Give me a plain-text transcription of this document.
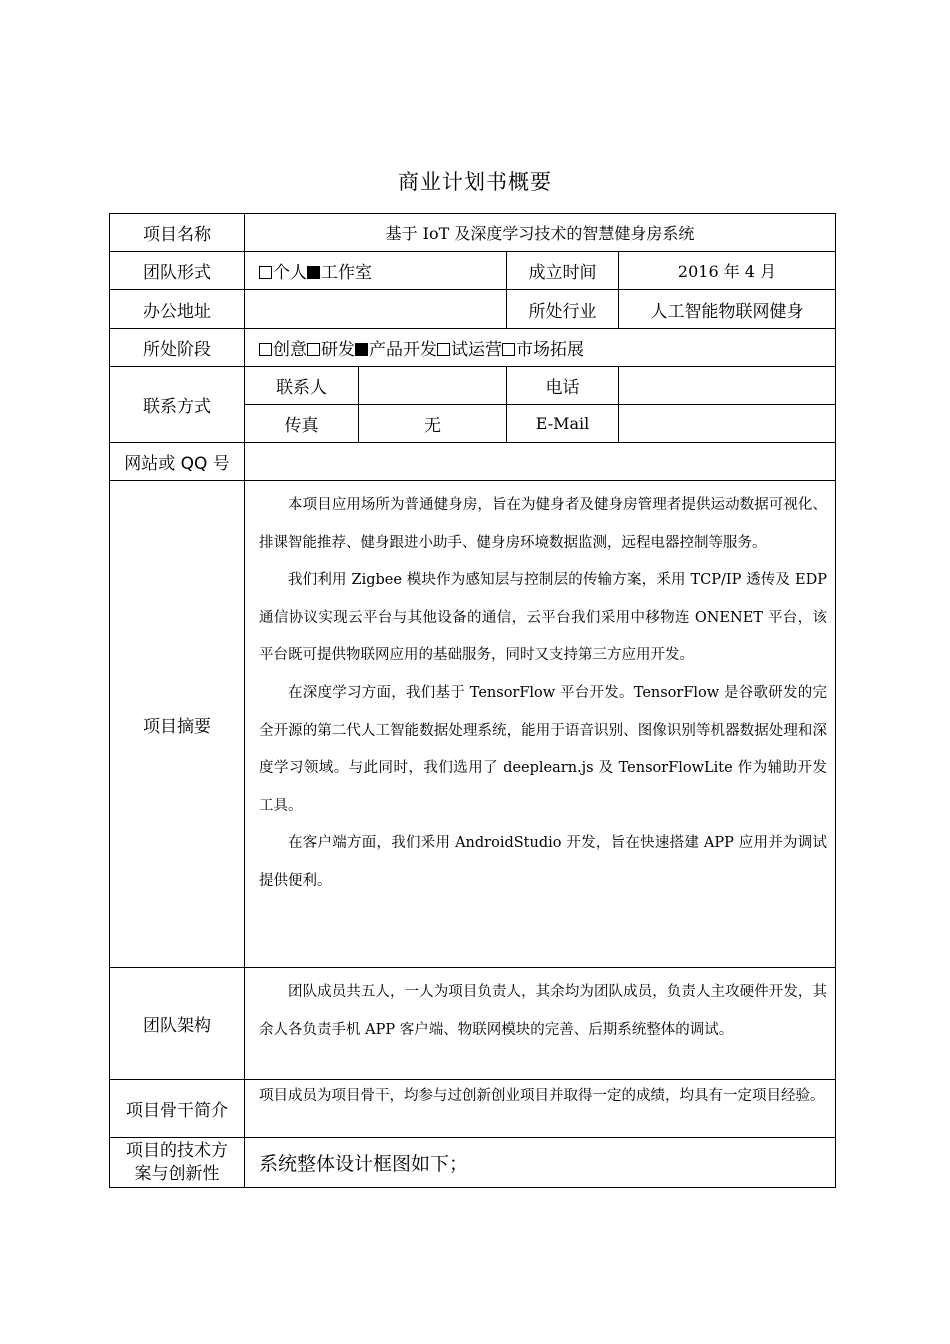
商业计划书概要
项目名称	基于 IoT 及深度学习技术的智慧健身房系统			
团队形式	个人 工作室		成立时间	2016 年 4 月
办公地址			所处行业	人工智能物联网健身
所处阶段	创意 研发 产品开发 试运营 市场拓展			
联系方式	联系人		电话	
	传真	无	E-Mail	
网站或 QQ 号				
项目摘要	本项目应用场所为普通健身房，旨在为健身者及健身房管理者提供运动数据可视化、排课智能推荐、健身跟进小助手、健身房环境数据监测，远程电器控制等服务。

我们利用 Zigbee 模块作为感知层与控制层的传输方案，釆用 TCP/IP 透传及 EDP 通信协议实现云平台与其他设备的通信，云平台我们采用中移物连 ONENET 平台，该平台既可提供物联网应用的基础服务，同时又支持第三方应用开发。

在深度学习方面，我们基于 TensorFlow 平台开发。TensorFlow 是谷歌研发的完全开源的第二代人工智能数据处理系统，能用于语音识别、图像识别等机器数据处理和深度学习领域。与此同时，我们选用了 deeplearn.js 及 TensorFlowLite 作为辅助开发工具。

在客户端方面，我们釆用 AndroidStudio 开发，旨在快速搭建 APP 应用并为调试提供便利。			

团队架构	团队成员共五人，一人为项目负责人，其余均为团队成员，负责人主攻硬件开发，其余人各负责手机 APP 客户端、物联网模块的完善、后期系统整体的调试。			

项目骨干简介	项目成员为项目骨干，均参与过创新创业项目并取得一定的成绩，均具有一定项目经验。			

项目的技术方
案与创新性	系统整体设计框图如下；			
